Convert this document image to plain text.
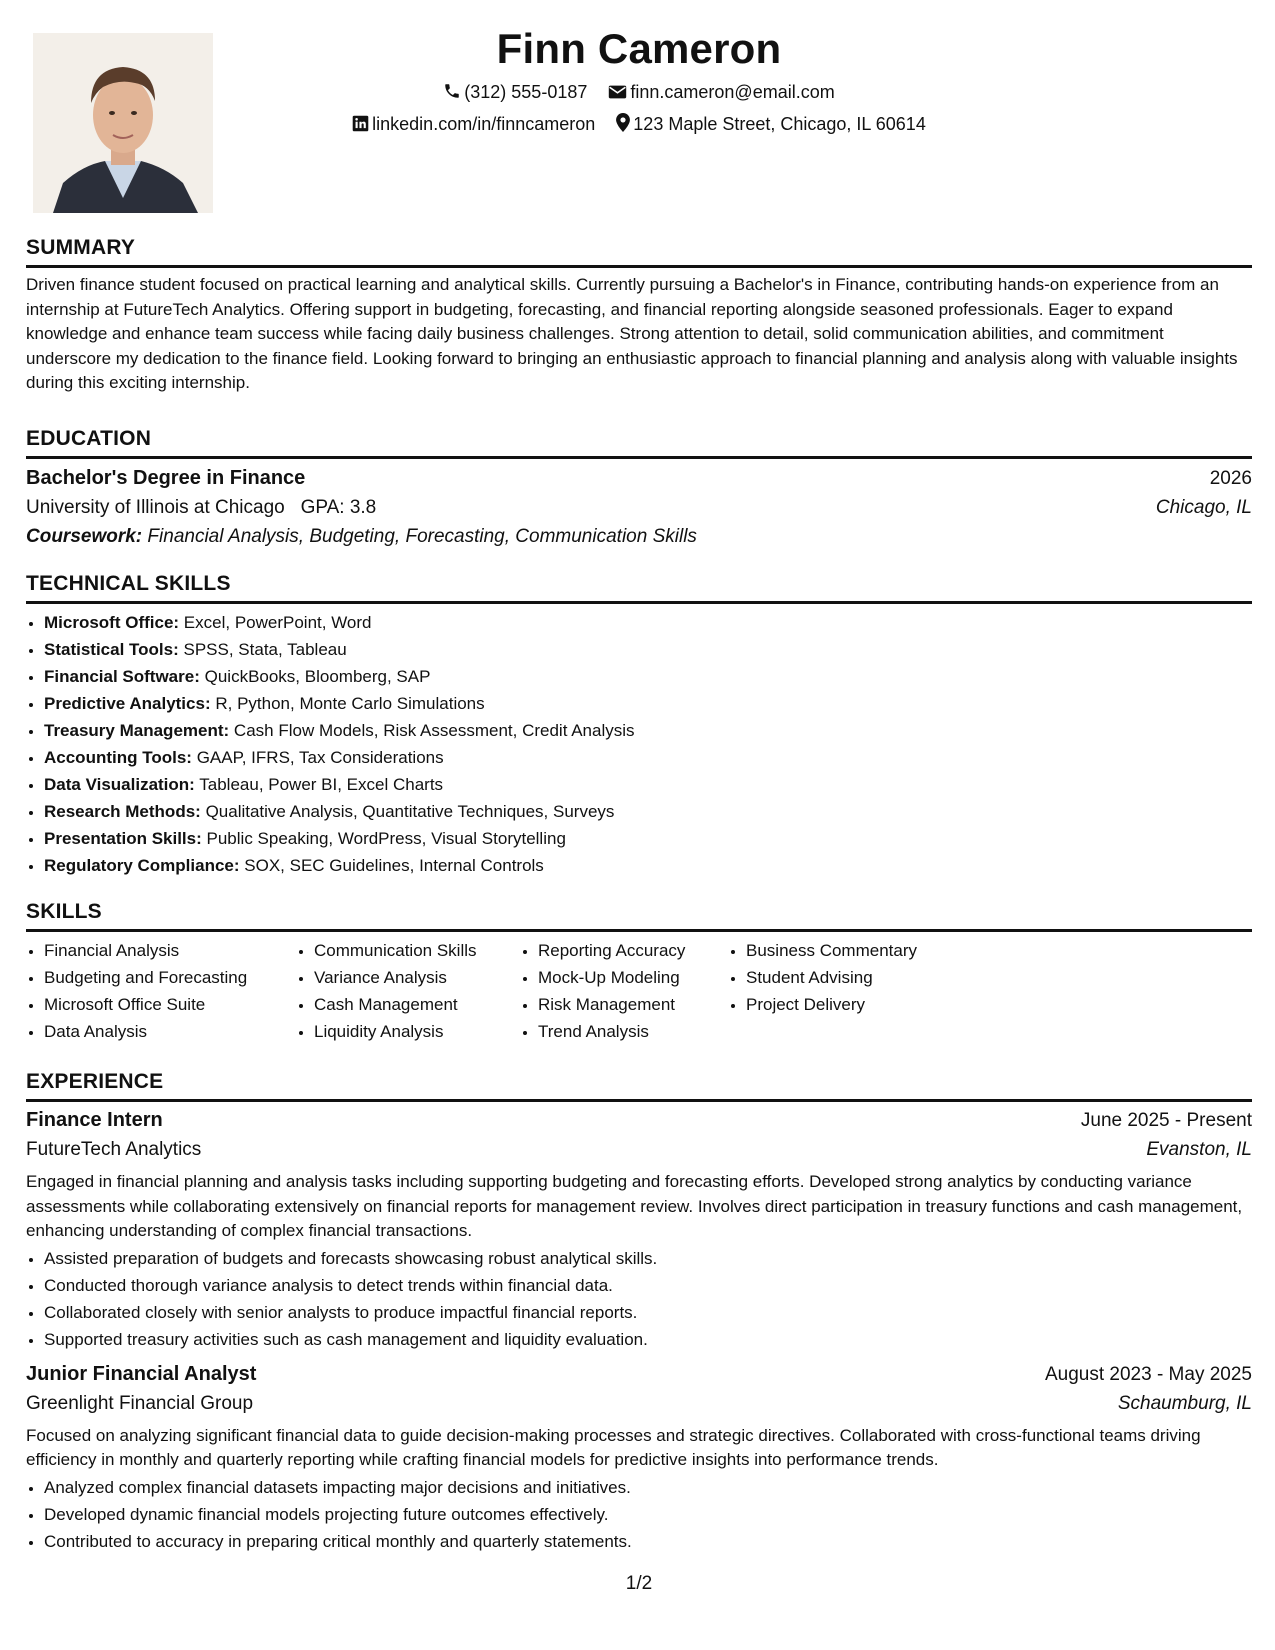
Finn Cameron
(312) 555-0187 finn.cameron@email.com
linkedin.com/in/finncameron 123 Maple Street, Chicago, IL 60614
SUMMARY
Driven finance student focused on practical learning and analytical skills. Currently pursuing a Bachelor's in Finance, contributing hands-on experience from an internship at FutureTech Analytics. Offering support in budgeting, forecasting, and financial reporting alongside seasoned professionals. Eager to expand knowledge and enhance team success while facing daily business challenges. Strong attention to detail, solid communication abilities, and commitment underscore my dedication to the finance field. Looking forward to bringing an enthusiastic approach to financial planning and analysis along with valuable insights during this exciting internship.
EDUCATION
Bachelor's Degree in Finance	2026
University of Illinois at Chicago GPA: 3.8	Chicago, IL
Coursework: Financial Analysis, Budgeting, Forecasting, Communication Skills
TECHNICAL SKILLS
• Microsoft Office: Excel, PowerPoint, Word
• Statistical Tools: SPSS, Stata, Tableau
• Financial Software: QuickBooks, Bloomberg, SAP
• Predictive Analytics: R, Python, Monte Carlo Simulations
• Treasury Management: Cash Flow Models, Risk Assessment, Credit Analysis
• Accounting Tools: GAAP, IFRS, Tax Considerations
• Data Visualization: Tableau, Power BI, Excel Charts
• Research Methods: Qualitative Analysis, Quantitative Techniques, Surveys
• Presentation Skills: Public Speaking, WordPress, Visual Storytelling
• Regulatory Compliance: SOX, SEC Guidelines, Internal Controls
SKILLS
• Financial Analysis
• Budgeting and Forecasting
• Microsoft Office Suite
• Data Analysis
• Communication Skills
• Variance Analysis
• Cash Management
• Liquidity Analysis
• Reporting Accuracy
• Mock-Up Modeling
• Risk Management
• Trend Analysis
• Business Commentary
• Student Advising
• Project Delivery
EXPERIENCE
Finance Intern	June 2025 - Present
FutureTech Analytics	Evanston, IL
Engaged in financial planning and analysis tasks including supporting budgeting and forecasting efforts. Developed strong analytics by conducting variance assessments while collaborating extensively on financial reports for management review. Involves direct participation in treasury functions and cash management, enhancing understanding of complex financial transactions.
• Assisted preparation of budgets and forecasts showcasing robust analytical skills.
• Conducted thorough variance analysis to detect trends within financial data.
• Collaborated closely with senior analysts to produce impactful financial reports.
• Supported treasury activities such as cash management and liquidity evaluation.
Junior Financial Analyst	August 2023 - May 2025
Greenlight Financial Group	Schaumburg, IL
Focused on analyzing significant financial data to guide decision-making processes and strategic directives. Collaborated with cross-functional teams driving efficiency in monthly and quarterly reporting while crafting financial models for predictive insights into performance trends.
• Analyzed complex financial datasets impacting major decisions and initiatives.
• Developed dynamic financial models projecting future outcomes effectively.
• Contributed to accuracy in preparing critical monthly and quarterly statements.
1/2
